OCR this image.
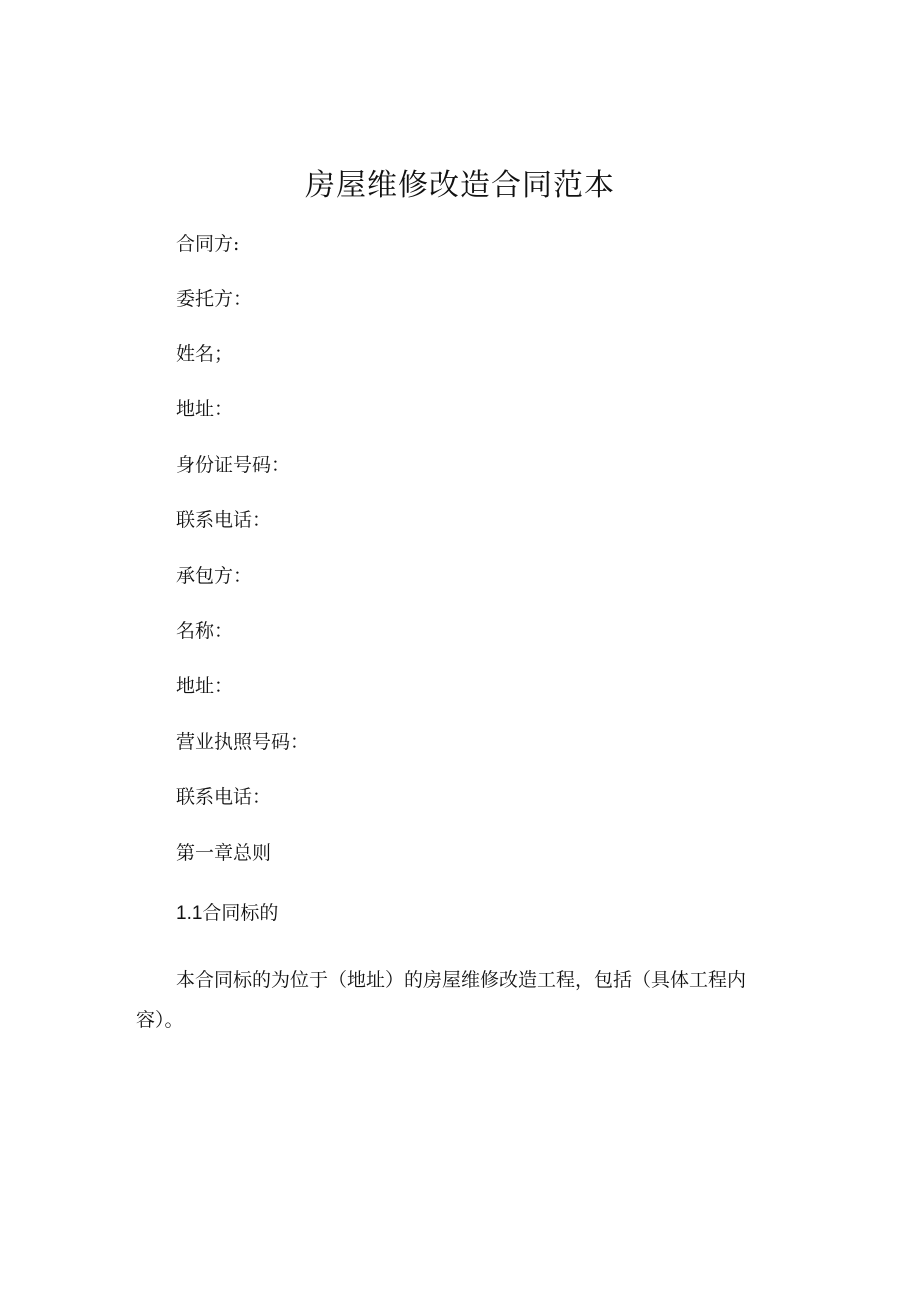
房屋维修改造合同范本

合同方:

委托方：

姓名；

地址：

身份证号码：

联系电话：

承包方：

名称：

地址：

营业执照号码：

联系电话：

第一章总则

1.1合同标的

本合同标的为位于（地址）的房屋维修改造工程，包括（具体工程内容）。
